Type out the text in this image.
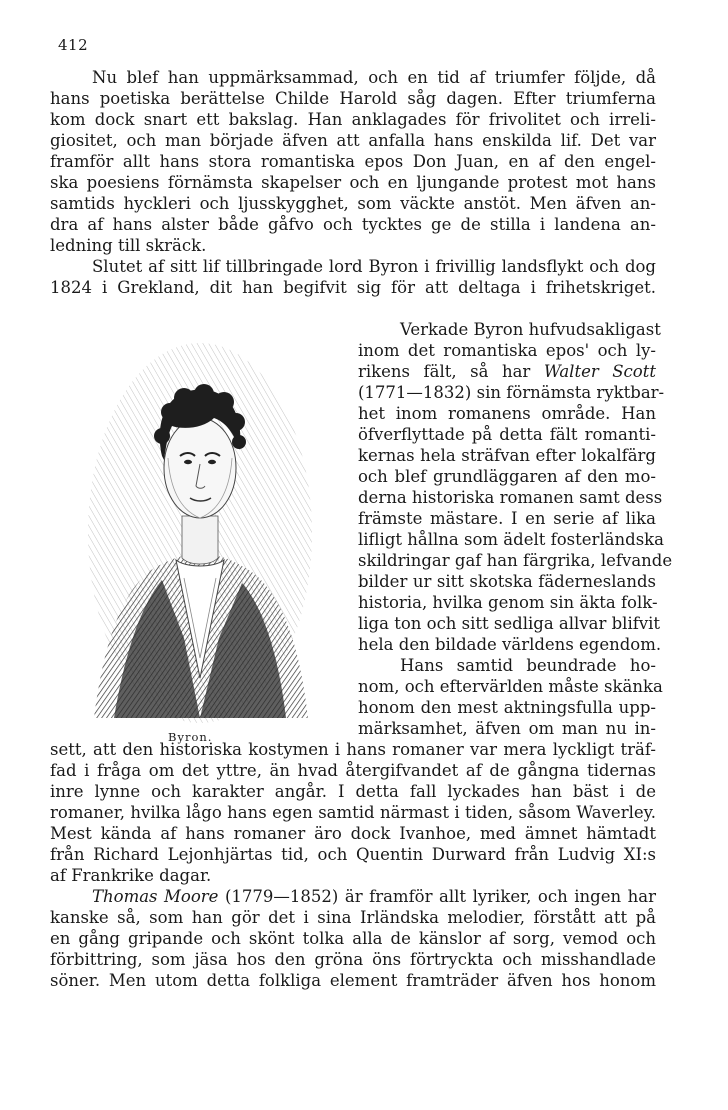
412
Nu blef han uppmärksammad, och en tid af triumfer följde, då
hans poetiska berättelse Childe Harold såg dagen. Efter triumferna
kom dock snart ett bakslag. Han anklagades för frivolitet och irreli-
giositet, och man började äfven att anfalla hans enskilda lif. Det var
framför allt hans stora romantiska epos Don Juan, en af den engel-
ska poesiens förnämsta skapelser och en ljungande protest mot hans
samtids hyckleri och ljusskygghet, som väckte anstöt. Men äfven an-
dra af hans alster både gåfvo och tycktes ge de stilla i landena an-
ledning till skräck.
Slutet af sitt lif tillbringade lord Byron i frivillig landsflykt och dog
1824 i Grekland, dit han begifvit sig för att deltaga i frihetskriget.
Byron.
Verkade Byron hufvudsakligast
inom det romantiska epos' och ly-
rikens fält, så har Walter Scott
(1771—1832) sin förnämsta ryktbar-
het inom romanens område. Han
öfverflyttade på detta fält romanti-
kernas hela sträfvan efter lokalfärg
och blef grundläggaren af den mo-
derna historiska romanen samt dess
främste mästare. I en serie af lika
lifligt hållna som ädelt fosterländska
skildringar gaf han färgrika, lefvande
bilder ur sitt skotska fäderneslands
historia, hvilka genom sin äkta folk-
liga ton och sitt sedliga allvar blifvit
hela den bildade världens egendom.
Hans samtid beundrade ho-
nom, och eftervärlden måste skänka
honom den mest aktningsfulla upp-
märksamhet, äfven om man nu in-
sett, att den historiska kostymen i hans romaner var mera lyckligt träf-
fad i fråga om det yttre, än hvad återgifvandet af de gångna tidernas
inre lynne och karakter angår. I detta fall lyckades han bäst i de
romaner, hvilka lågo hans egen samtid närmast i tiden, såsom Waverley.
Mest kända af hans romaner äro dock Ivanhoe, med ämnet hämtadt
från Richard Lejonhjärtas tid, och Quentin Durward från Ludvig XI:s
af Frankrike dagar.
Thomas Moore (1779—1852) är framför allt lyriker, och ingen har
kanske så, som han gör det i sina Irländska melodier, förstått att på
en gång gripande och skönt tolka alla de känslor af sorg, vemod och
förbittring, som jäsa hos den gröna öns förtryckta och misshandlade
söner. Men utom detta folkliga element framträder äfven hos honom
